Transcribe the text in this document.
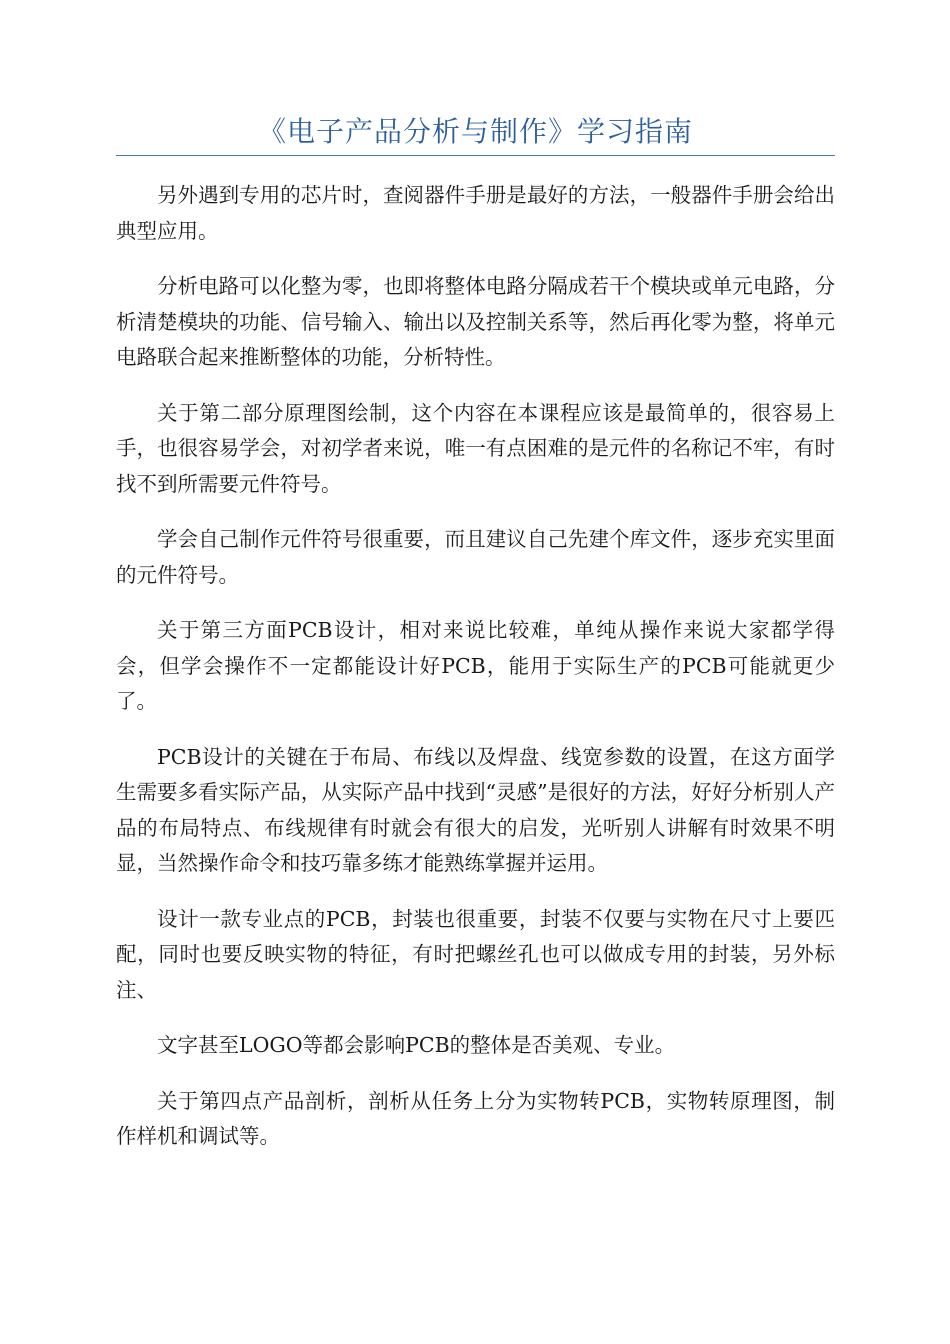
《电子产品分析与制作》学习指南

另外遇到专用的芯片时，查阅器件手册是最好的方法，一般器件手册会给出典型应用。

分析电路可以化整为零，也即将整体电路分隔成若干个模块或单元电路，分析清楚模块的功能、信号输入、输出以及控制关系等，然后再化零为整，将单元电路联合起来推断整体的功能，分析特性。

关于第二部分原理图绘制，这个内容在本课程应该是最简单的，很容易上手，也很容易学会，对初学者来说，唯一有点困难的是元件的名称记不牢，有时找不到所需要元件符号。

学会自己制作元件符号很重要，而且建议自己先建个库文件，逐步充实里面的元件符号。

关于第三方面PCB设计，相对来说比较难，单纯从操作来说大家都学得会，但学会操作不一定都能设计好PCB，能用于实际生产的PCB可能就更少了。

PCB设计的关键在于布局、布线以及焊盘、线宽参数的设置，在这方面学生需要多看实际产品，从实际产品中找到“灵感”是很好的方法，好好分析别人产品的布局特点、布线规律有时就会有很大的启发，光听别人讲解有时效果不明显，当然操作命令和技巧靠多练才能熟练掌握并运用。

设计一款专业点的PCB，封装也很重要，封装不仅要与实物在尺寸上要匹配，同时也要反映实物的特征，有时把螺丝孔也可以做成专用的封装，另外标注、

文字甚至LOGO等都会影响PCB的整体是否美观、专业。

关于第四点产品剖析，剖析从任务上分为实物转PCB，实物转原理图，制作样机和调试等。
